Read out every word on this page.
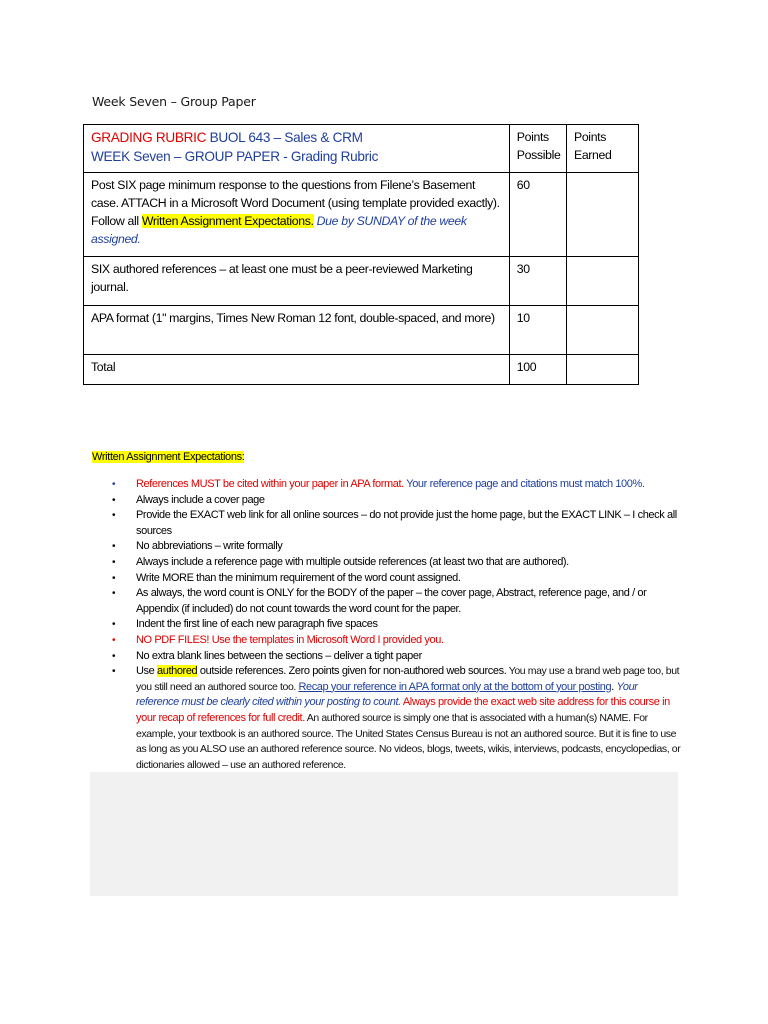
Week Seven – Group Paper
GRADING RUBRIC BUOL 643 – Sales & CRM
WEEK Seven – GROUP PAPER - Grading Rubric	Points Possible	Points Earned
Post SIX page minimum response to the questions from Filene’s Basement case. ATTACH in a Microsoft Word Document (using template provided exactly). Follow all Written Assignment Expectations. Due by SUNDAY of the week assigned.	60	
SIX authored references – at least one must be a peer-reviewed Marketing journal.	30	
APA format (1" margins, Times New Roman 12 font, double-spaced, and more)	10	
Total	100	
Written Assignment Expectations:
• References MUST be cited within your paper in APA format. Your reference page and citations must match 100%.
• Always include a cover page
• Provide the EXACT web link for all online sources – do not provide just the home page, but the EXACT LINK – I check all sources
• No abbreviations – write formally
• Always include a reference page with multiple outside references (at least two that are authored).
• Write MORE than the minimum requirement of the word count assigned.
• As always, the word count is ONLY for the BODY of the paper – the cover page, Abstract, reference page, and / or Appendix (if included) do not count towards the word count for the paper.
• Indent the first line of each new paragraph five spaces
• NO PDF FILES! Use the templates in Microsoft Word I provided you.
• No extra blank lines between the sections – deliver a tight paper
• Use authored outside references. Zero points given for non-authored web sources. You may use a brand web page too, but you still need an authored source too. Recap your reference in APA format only at the bottom of your posting. Your reference must be clearly cited within your posting to count. Always provide the exact web site address for this course in your recap of references for full credit. An authored source is simply one that is associated with a human(s) NAME. For example, your textbook is an authored source. The United States Census Bureau is not an authored source. But it is fine to use as long as you ALSO use an authored reference source. No videos, blogs, tweets, wikis, interviews, podcasts, encyclopedias, or dictionaries allowed – use an authored reference.
